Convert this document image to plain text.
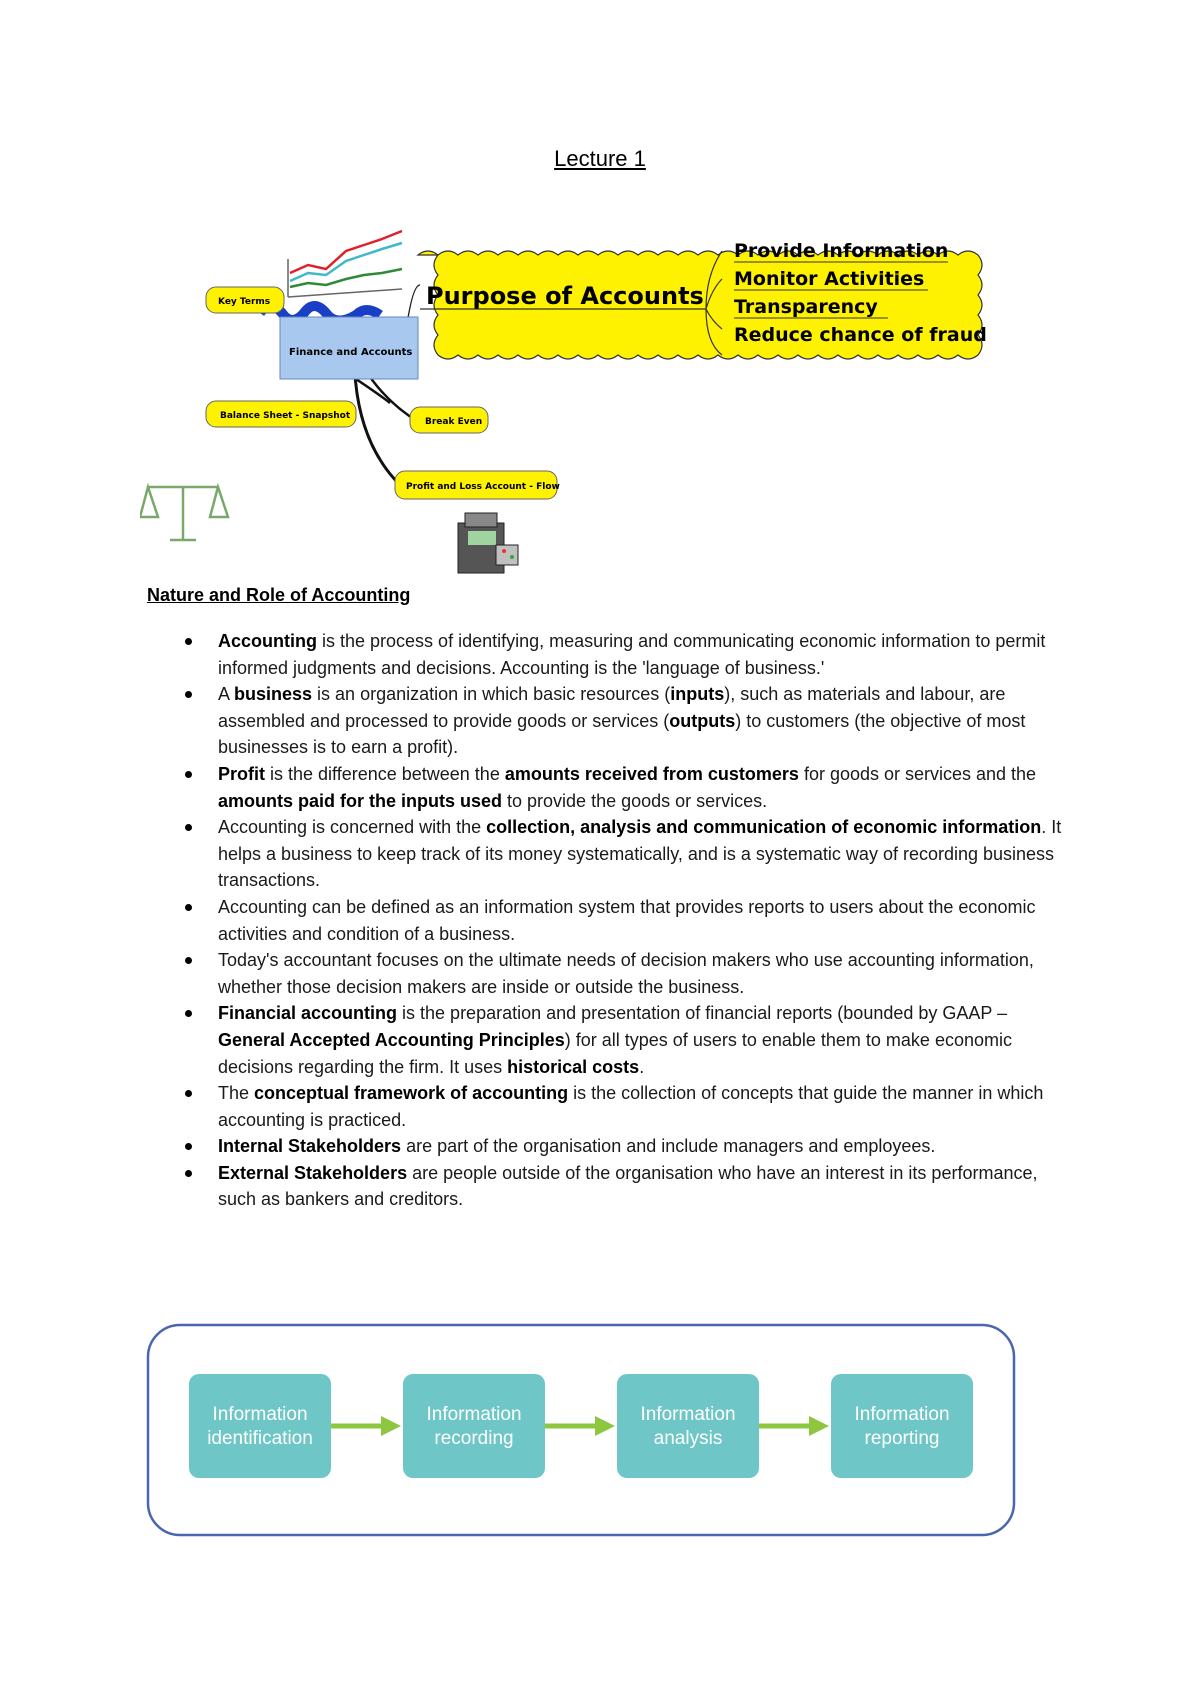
Lecture 1
Purpose of Accounts
Provide Information
Monitor Activities
Transparency
Reduce chance of fraud
Finance and Accounts
Key Terms
Balance Sheet - Snapshot
Break Even
Profit and Loss Account - Flow
Nature and Role of Accounting
Accounting is the process of identifying, measuring and communicating economic information to permit informed judgments and decisions. Accounting is the 'language of business.'
A business is an organization in which basic resources (inputs), such as materials and labour, are assembled and processed to provide goods or services (outputs) to customers (the objective of most businesses is to earn a profit).
Profit is the difference between the amounts received from customers for goods or services and the amounts paid for the inputs used to provide the goods or services.
Accounting is concerned with the collection, analysis and communication of economic information. It helps a business to keep track of its money systematically, and is a systematic way of recording business transactions.
Accounting can be defined as an information system that provides reports to users about the economic activities and condition of a business.
Today's accountant focuses on the ultimate needs of decision makers who use accounting information, whether those decision makers are inside or outside the business.
Financial accounting is the preparation and presentation of financial reports (bounded by GAAP – General Accepted Accounting Principles) for all types of users to enable them to make economic decisions regarding the firm. It uses historical costs.
The conceptual framework of accounting is the collection of concepts that guide the manner in which accounting is practiced.
Internal Stakeholders are part of the organisation and include managers and employees.
External Stakeholders are people outside of the organisation who have an interest in its performance, such as bankers and creditors.
Information
identification
Information
recording
Information
analysis
Information
reporting
